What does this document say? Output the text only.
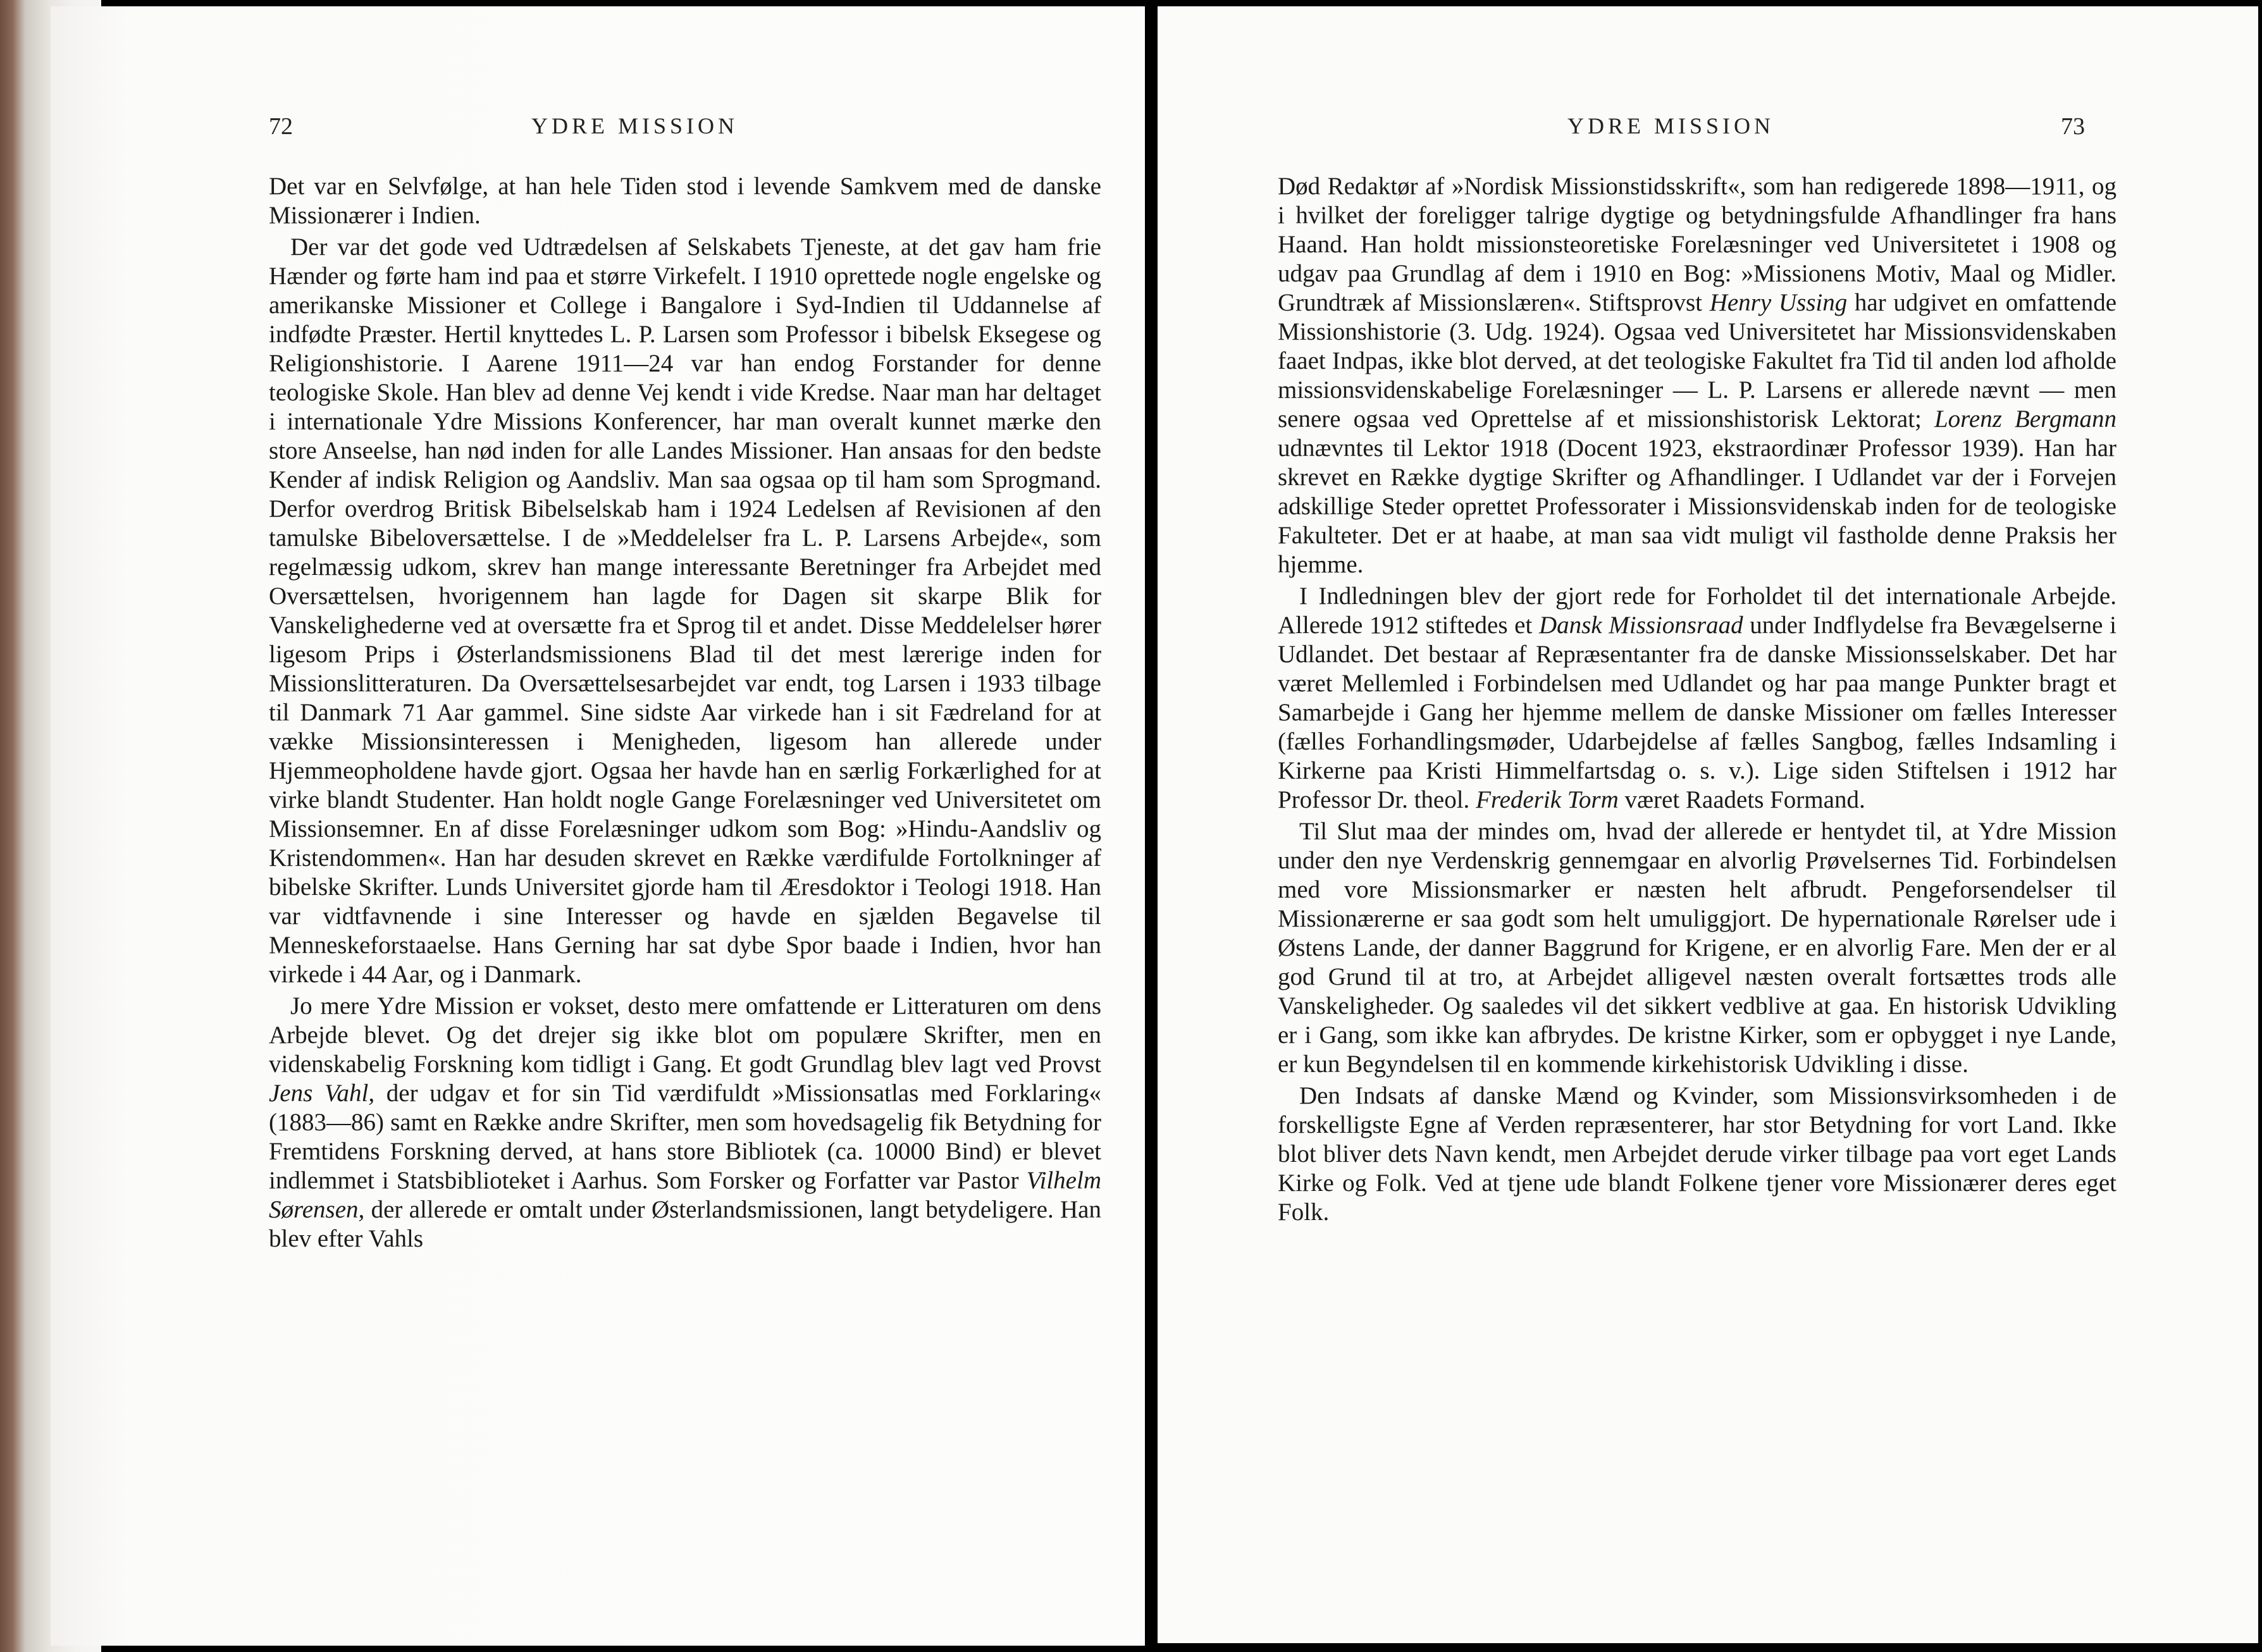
72	YDRE MISSION

Det var en Selvfølge, at han hele Tiden stod i levende Samkvem med de danske Missionærer i Indien.

Der var det gode ved Udtrædelsen af Selskabets Tjeneste, at det gav ham frie Hænder og førte ham ind paa et større Virkefelt. I 1910 oprettede nogle engelske og amerikanske Missioner et College i Bangalore i Syd-Indien til Uddannelse af indfødte Præster. Hertil knyttedes L. P. Larsen som Professor i bibelsk Eksegese og Religionshistorie. I Aarene 1911—24 var han endog Forstander for denne teologiske Skole. Han blev ad denne Vej kendt i vide Kredse. Naar man har deltaget i internationale Ydre Missions Konferencer, har man overalt kunnet mærke den store Anseelse, han nød inden for alle Landes Missioner. Han ansaas for den bedste Kender af indisk Religion og Aandsliv. Man saa ogsaa op til ham som Sprogmand. Derfor overdrog Britisk Bibelselskab ham i 1924 Ledelsen af Revisionen af den tamulske Bibeloversættelse. I de »Meddelelser fra L. P. Larsens Arbejde«, som regelmæssig udkom, skrev han mange interessante Beretninger fra Arbejdet med Oversættelsen, hvorigennem han lagde for Dagen sit skarpe Blik for Vanskelighederne ved at oversætte fra et Sprog til et andet. Disse Meddelelser hører ligesom Prips i Østerlandsmissionens Blad til det mest lærerige inden for Missionslitteraturen. Da Oversættelsesarbejdet var endt, tog Larsen i 1933 tilbage til Danmark 71 Aar gammel. Sine sidste Aar virkede han i sit Fædreland for at vække Missionsinteressen i Menigheden, ligesom han allerede under Hjemmeopholdene havde gjort. Ogsaa her havde han en særlig Forkærlighed for at virke blandt Studenter. Han holdt nogle Gange Forelæsninger ved Universitetet om Missionsemner. En af disse Forelæsninger udkom som Bog: »Hindu-Aandsliv og Kristendommen«. Han har desuden skrevet en Række værdifulde Fortolkninger af bibelske Skrifter. Lunds Universitet gjorde ham til Æresdoktor i Teologi 1918. Han var vidtfavnende i sine Interesser og havde en sjælden Begavelse til Menneskeforstaaelse. Hans Gerning har sat dybe Spor baade i Indien, hvor han virkede i 44 Aar, og i Danmark.

Jo mere Ydre Mission er vokset, desto mere omfattende er Litteraturen om dens Arbejde blevet. Og det drejer sig ikke blot om populære Skrifter, men en videnskabelig Forskning kom tidligt i Gang. Et godt Grundlag blev lagt ved Provst Jens Vahl, der udgav et for sin Tid værdifuldt »Missionsatlas med Forklaring« (1883—86) samt en Række andre Skrifter, men som hovedsagelig fik Betydning for Fremtidens Forskning derved, at hans store Bibliotek (ca. 10000 Bind) er blevet indlemmet i Statsbiblioteket i Aarhus. Som Forsker og Forfatter var Pastor Vilhelm Sørensen, der allerede er omtalt under Østerlandsmissionen, langt betydeligere. Han blev efter Vahls

YDRE MISSION	73

Død Redaktør af »Nordisk Missionstidsskrift«, som han redigerede 1898—1911, og i hvilket der foreligger talrige dygtige og betydningsfulde Afhandlinger fra hans Haand. Han holdt missionsteoretiske Forelæsninger ved Universitetet i 1908 og udgav paa Grundlag af dem i 1910 en Bog: »Missionens Motiv, Maal og Midler. Grundtræk af Missionslæren«. Stiftsprovst Henry Ussing har udgivet en omfattende Missionshistorie (3. Udg. 1924). Ogsaa ved Universitetet har Missionsvidenskaben faaet Indpas, ikke blot derved, at det teologiske Fakultet fra Tid til anden lod afholde missionsvidenskabelige Forelæsninger — L. P. Larsens er allerede nævnt — men senere ogsaa ved Oprettelse af et missionshistorisk Lektorat; Lorenz Bergmann udnævntes til Lektor 1918 (Docent 1923, ekstraordinær Professor 1939). Han har skrevet en Række dygtige Skrifter og Afhandlinger. I Udlandet var der i Forvejen adskillige Steder oprettet Professorater i Missionsvidenskab inden for de teologiske Fakulteter. Det er at haabe, at man saa vidt muligt vil fastholde denne Praksis her hjemme.

I Indledningen blev der gjort rede for Forholdet til det internationale Arbejde. Allerede 1912 stiftedes et Dansk Missionsraad under Indflydelse fra Bevægelserne i Udlandet. Det bestaar af Repræsentanter fra de danske Missionsselskaber. Det har været Mellemled i Forbindelsen med Udlandet og har paa mange Punkter bragt et Samarbejde i Gang her hjemme mellem de danske Missioner om fælles Interesser (fælles Forhandlingsmøder, Udarbejdelse af fælles Sangbog, fælles Indsamling i Kirkerne paa Kristi Himmelfartsdag o. s. v.). Lige siden Stiftelsen i 1912 har Professor Dr. theol. Frederik Torm været Raadets Formand.

Til Slut maa der mindes om, hvad der allerede er hentydet til, at Ydre Mission under den nye Verdenskrig gennemgaar en alvorlig Prøvelsernes Tid. Forbindelsen med vore Missionsmarker er næsten helt afbrudt. Pengeforsendelser til Missionærerne er saa godt som helt umuliggjort. De hypernationale Rørelser ude i Østens Lande, der danner Baggrund for Krigene, er en alvorlig Fare. Men der er al god Grund til at tro, at Arbejdet alligevel næsten overalt fortsættes trods alle Vanskeligheder. Og saaledes vil det sikkert vedblive at gaa. En historisk Udvikling er i Gang, som ikke kan afbrydes. De kristne Kirker, som er opbygget i nye Lande, er kun Begyndelsen til en kommende kirkehistorisk Udvikling i disse.

Den Indsats af danske Mænd og Kvinder, som Missionsvirksomheden i de forskelligste Egne af Verden repræsenterer, har stor Betydning for vort Land. Ikke blot bliver dets Navn kendt, men Arbejdet derude virker tilbage paa vort eget Lands Kirke og Folk. Ved at tjene ude blandt Folkene tjener vore Missionærer deres eget Folk.
